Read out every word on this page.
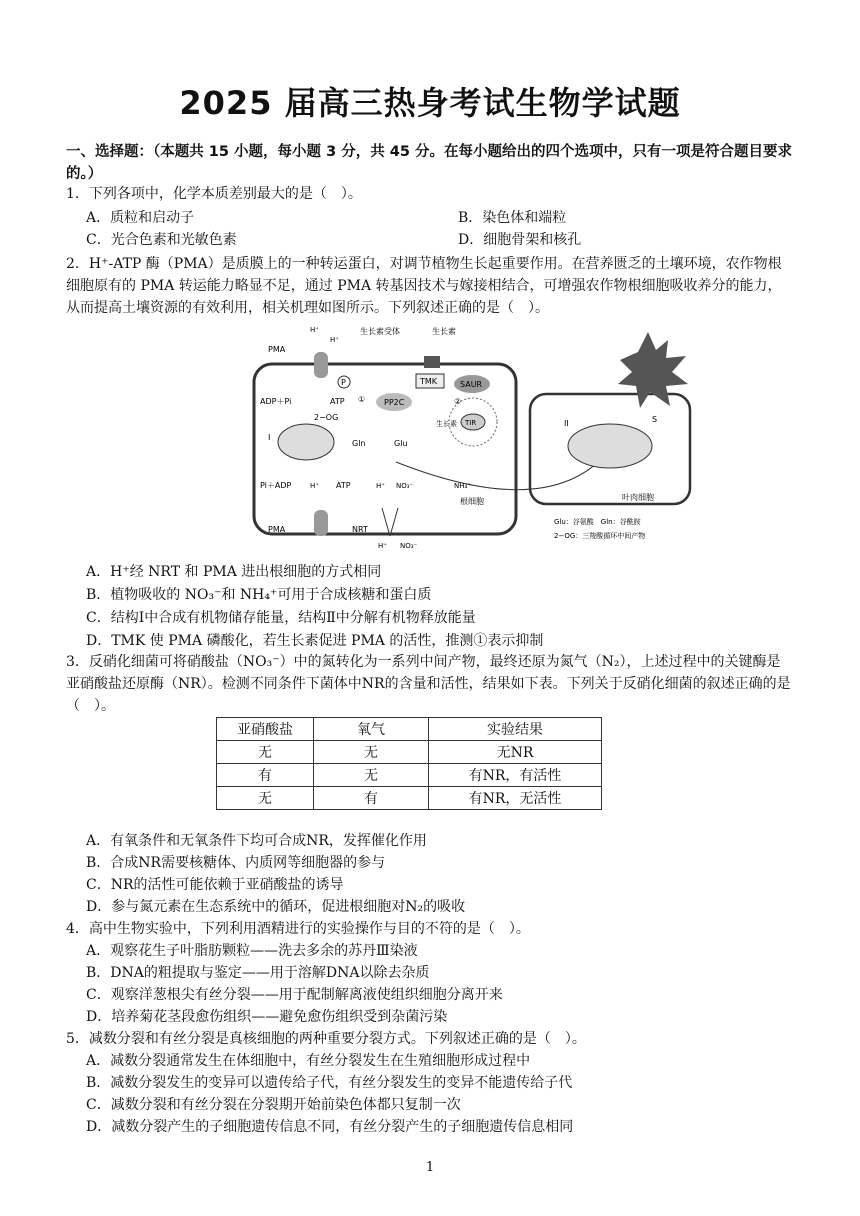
2025 届高三热身考试生物学试题
一、选择题：（本题共 15 小题，每小题 3 分，共 45 分。在每小题给出的四个选项中，只有一项是符合题目要求的。）
1．下列各项中，化学本质差别最大的是（　）。
A．质粒和启动子	B．染色体和端粒
C．光合色素和光敏色素	D．细胞骨架和核孔
2．H⁺-ATP 酶（PMA）是质膜上的一种转运蛋白，对调节植物生长起重要作用。在营养匮乏的土壤环境，农作物根细胞原有的 PMA 转运能力略显不足，通过 PMA 转基因技术与嫁接相结合，可增强农作物根细胞吸收养分的能力，从而提高土壤资源的有效利用，相关机理如图所示。下列叙述正确的是（　）。
生长素受体	生长素
PMA
H⁺
H⁺
ADP＋Pi	ATP
P
①	②
PP2C
TMK	SAUR
TIR
生长素
I
2−OG
Gln	Glu
II	S
叶肉细胞
Pi＋ADP	H⁺ ATP	H⁺ NO₃⁻	NH₄⁺
根细胞
PMA	NRT
H⁺ NO₃⁻
Glu：谷氨酸　Gln：谷酰胺
2−OG：三羧酸循环中间产物
A．H⁺经 NRT 和 PMA 进出根细胞的方式相同
B．植物吸收的 NO₃⁻和 NH₄⁺可用于合成核糖和蛋白质
C．结构Ⅰ中合成有机物储存能量，结构Ⅱ中分解有机物释放能量
D．TMK 使 PMA 磷酸化，若生长素促进 PMA 的活性，推测①表示抑制
3．反硝化细菌可将硝酸盐（NO₃⁻）中的氮转化为一系列中间产物，最终还原为氮气（N₂），上述过程中的关键酶是亚硝酸盐还原酶（NR）。检测不同条件下菌体中NR的含量和活性，结果如下表。下列关于反硝化细菌的叙述正确的是（　）。
亚硝酸盐	氧气	实验结果
无	无	无NR
有	无	有NR，有活性
无	有	有NR，无活性
A．有氧条件和无氧条件下均可合成NR，发挥催化作用
B．合成NR需要核糖体、内质网等细胞器的参与
C．NR的活性可能依赖于亚硝酸盐的诱导
D．参与氮元素在生态系统中的循环，促进根细胞对N₂的吸收
4．高中生物实验中，下列利用酒精进行的实验操作与目的不符的是（　）。
A．观察花生子叶脂肪颗粒——洗去多余的苏丹Ⅲ染液
B．DNA的粗提取与鉴定——用于溶解DNA以除去杂质
C．观察洋葱根尖有丝分裂——用于配制解离液使组织细胞分离开来
D．培养菊花茎段愈伤组织——避免愈伤组织受到杂菌污染
5．减数分裂和有丝分裂是真核细胞的两种重要分裂方式。下列叙述正确的是（　）。
A．减数分裂通常发生在体细胞中，有丝分裂发生在生殖细胞形成过程中
B．减数分裂发生的变异可以遗传给子代，有丝分裂发生的变异不能遗传给子代
C．减数分裂和有丝分裂在分裂期开始前染色体都只复制一次
D．减数分裂产生的子细胞遗传信息不同，有丝分裂产生的子细胞遗传信息相同
1
